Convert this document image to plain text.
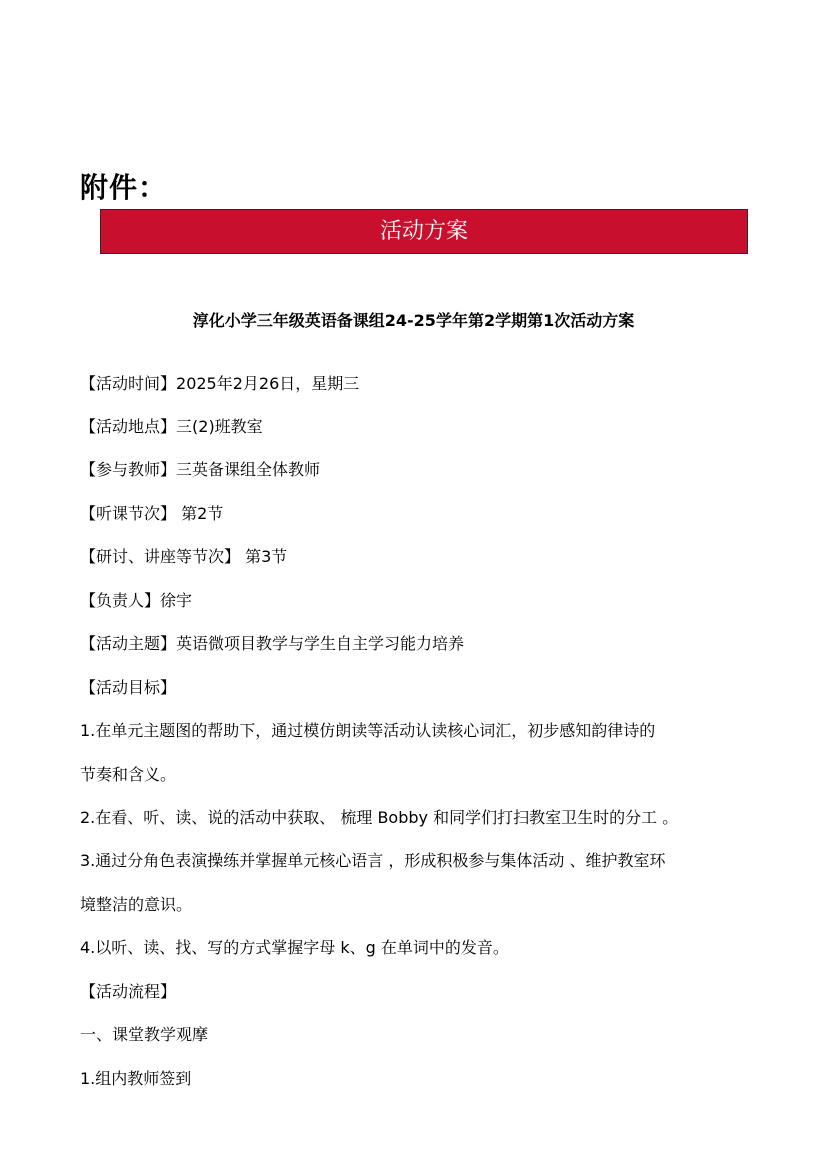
附件：
活动方案
淳化小学三年级英语备课组24-25学年第2学期第1次活动方案
【活动时间】2025年2月26日，星期三
【活动地点】三(2)班教室
【参与教师】三英备课组全体教师
【听课节次】 第2节
【研讨、讲座等节次】 第3节
【负责人】徐宇
【活动主题】英语微项目教学与学生自主学习能力培养
【活动目标】
1.在单元主题图的帮助下，通过模仿朗读等活动认读核心词汇，初步感知韵律诗的
节奏和含义。
2.在看、听、读、说的活动中获取、 梳理 Bobby 和同学们打扫教室卫生时的分工 。
3.通过分角色表演操练并掌握单元核心语言 ，形成积极参与集体活动 、维护教室环
境整洁的意识。
4.以听、读、找、写的方式掌握字母 k、g 在单词中的发音。
【活动流程】
一、课堂教学观摩
1.组内教师签到
